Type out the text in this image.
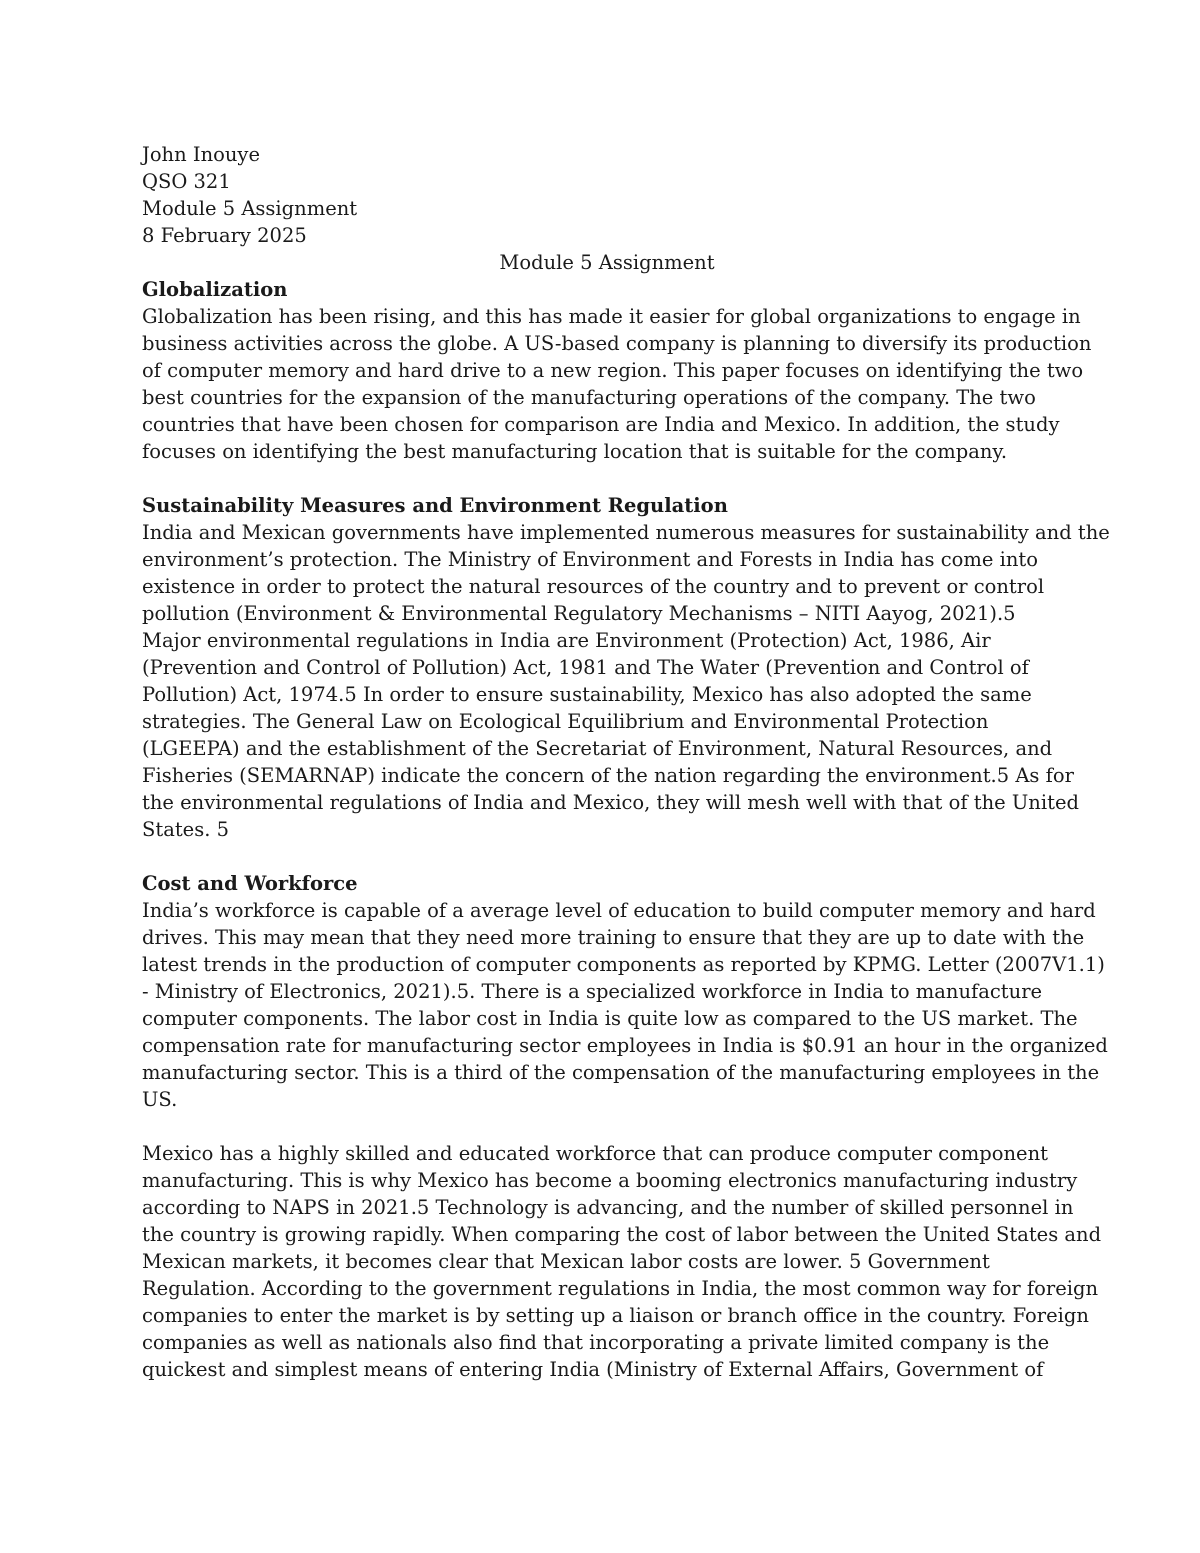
John Inouye
QSO 321
Module 5 Assignment
8 February 2025
Module 5 Assignment
Globalization

Globalization has been rising, and this has made it easier for global organizations to engage in
business activities across the globe. A US-based company is planning to diversify its production
of computer memory and hard drive to a new region. This paper focuses on identifying the two
best countries for the expansion of the manufacturing operations of the company. The two
countries that have been chosen for comparison are India and Mexico. In addition, the study
focuses on identifying the best manufacturing location that is suitable for the company.

Sustainability Measures and Environment Regulation

India and Mexican governments have implemented numerous measures for sustainability and the
environment’s protection. The Ministry of Environment and Forests in India has come into
existence in order to protect the natural resources of the country and to prevent or control
pollution (Environment & Environmental Regulatory Mechanisms – NITI Aayog, 2021).5
Major environmental regulations in India are Environment (Protection) Act, 1986, Air
(Prevention and Control of Pollution) Act, 1981 and The Water (Prevention and Control of
Pollution) Act, 1974.5 In order to ensure sustainability, Mexico has also adopted the same
strategies. The General Law on Ecological Equilibrium and Environmental Protection
(LGEEPA) and the establishment of the Secretariat of Environment, Natural Resources, and
Fisheries (SEMARNAP) indicate the concern of the nation regarding the environment.5 As for
the environmental regulations of India and Mexico, they will mesh well with that of the United
States. 5

Cost and Workforce

India’s workforce is capable of a average level of education to build computer memory and hard
drives. This may mean that they need more training to ensure that they are up to date with the
latest trends in the production of computer components as reported by KPMG. Letter (2007V1.1)
- Ministry of Electronics, 2021).5. There is a specialized workforce in India to manufacture
computer components. The labor cost in India is quite low as compared to the US market. The
compensation rate for manufacturing sector employees in India is $0.91 an hour in the organized
manufacturing sector. This is a third of the compensation of the manufacturing employees in the
US.

Mexico has a highly skilled and educated workforce that can produce computer component
manufacturing. This is why Mexico has become a booming electronics manufacturing industry
according to NAPS in 2021.5 Technology is advancing, and the number of skilled personnel in
the country is growing rapidly. When comparing the cost of labor between the United States and
Mexican markets, it becomes clear that Mexican labor costs are lower. 5 Government
Regulation. According to the government regulations in India, the most common way for foreign
companies to enter the market is by setting up a liaison or branch office in the country. Foreign
companies as well as nationals also find that incorporating a private limited company is the
quickest and simplest means of entering India (Ministry of External Affairs, Government of
